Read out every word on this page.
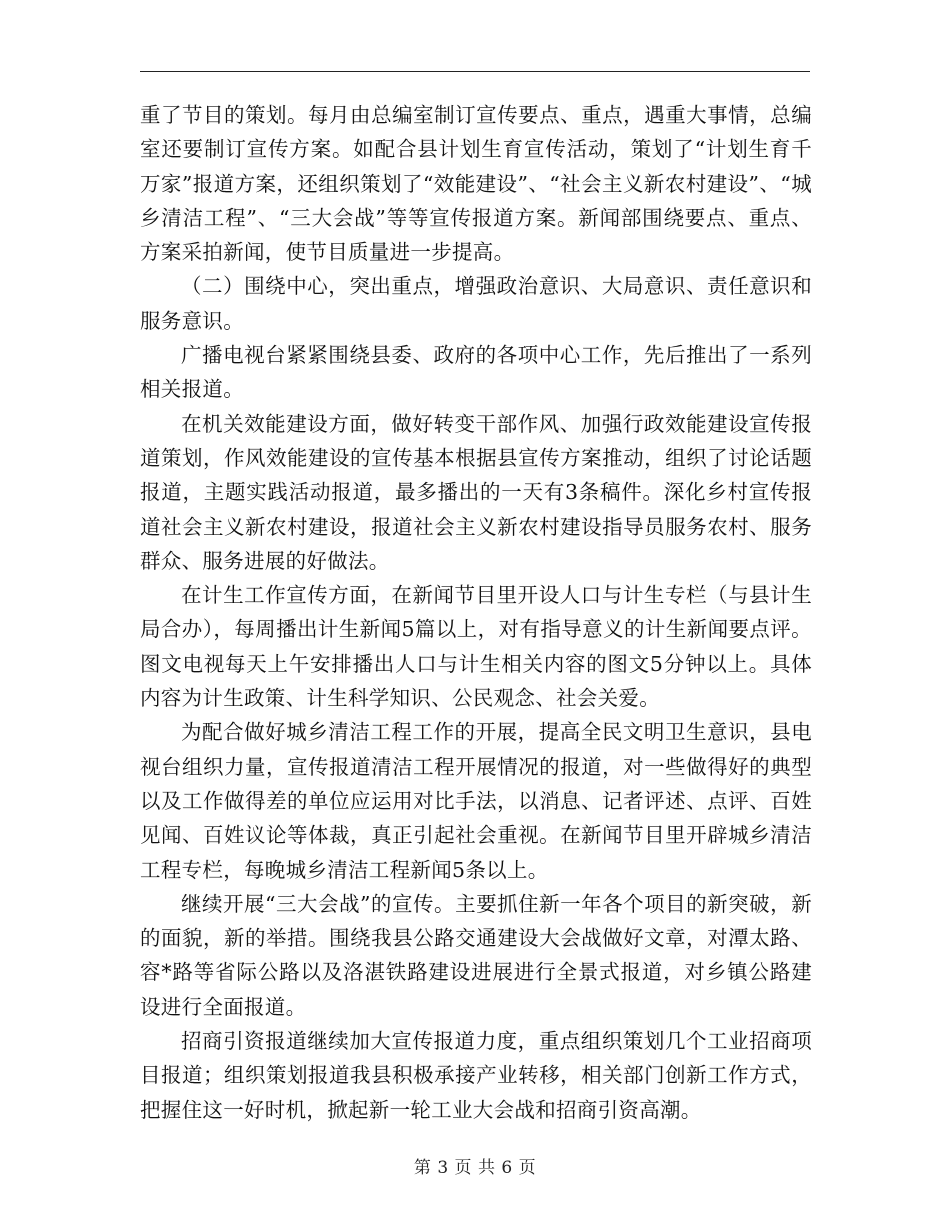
重了节目的策划。每月由总编室制订宣传要点、重点，遇重大事情，总编室还要制订宣传方案。如配合县计划生育宣传活动，策划了“计划生育千万家”报道方案，还组织策划了“效能建设”、“社会主义新农村建设”、“城乡清洁工程”、“三大会战”等等宣传报道方案。新闻部围绕要点、重点、方案采拍新闻，使节目质量进一步提高。

（二）围绕中心，突出重点，增强政治意识、大局意识、责任意识和服务意识。

广播电视台紧紧围绕县委、政府的各项中心工作，先后推出了一系列相关报道。

在机关效能建设方面，做好转变干部作风、加强行政效能建设宣传报道策划，作风效能建设的宣传基本根据县宣传方案推动，组织了讨论话题报道，主题实践活动报道，最多播出的一天有3条稿件。深化乡村宣传报道社会主义新农村建设，报道社会主义新农村建设指导员服务农村、服务群众、服务进展的好做法。

在计生工作宣传方面，在新闻节目里开设人口与计生专栏（与县计生局合办），每周播出计生新闻5篇以上，对有指导意义的计生新闻要点评。图文电视每天上午安排播出人口与计生相关内容的图文5分钟以上。具体内容为计生政策、计生科学知识、公民观念、社会关爱。

为配合做好城乡清洁工程工作的开展，提高全民文明卫生意识，县电视台组织力量，宣传报道清洁工程开展情况的报道，对一些做得好的典型以及工作做得差的单位应运用对比手法，以消息、记者评述、点评、百姓见闻、百姓议论等体裁，真正引起社会重视。在新闻节目里开辟城乡清洁工程专栏，每晚城乡清洁工程新闻5条以上。

继续开展“三大会战”的宣传。主要抓住新一年各个项目的新突破，新的面貌，新的举措。围绕我县公路交通建设大会战做好文章，对潭太路、容*路等省际公路以及洛湛铁路建设进展进行全景式报道，对乡镇公路建设进行全面报道。

招商引资报道继续加大宣传报道力度，重点组织策划几个工业招商项目报道；组织策划报道我县积极承接产业转移，相关部门创新工作方式，把握住这一好时机，掀起新一轮工业大会战和招商引资高潮。

第 3 页 共 6 页
